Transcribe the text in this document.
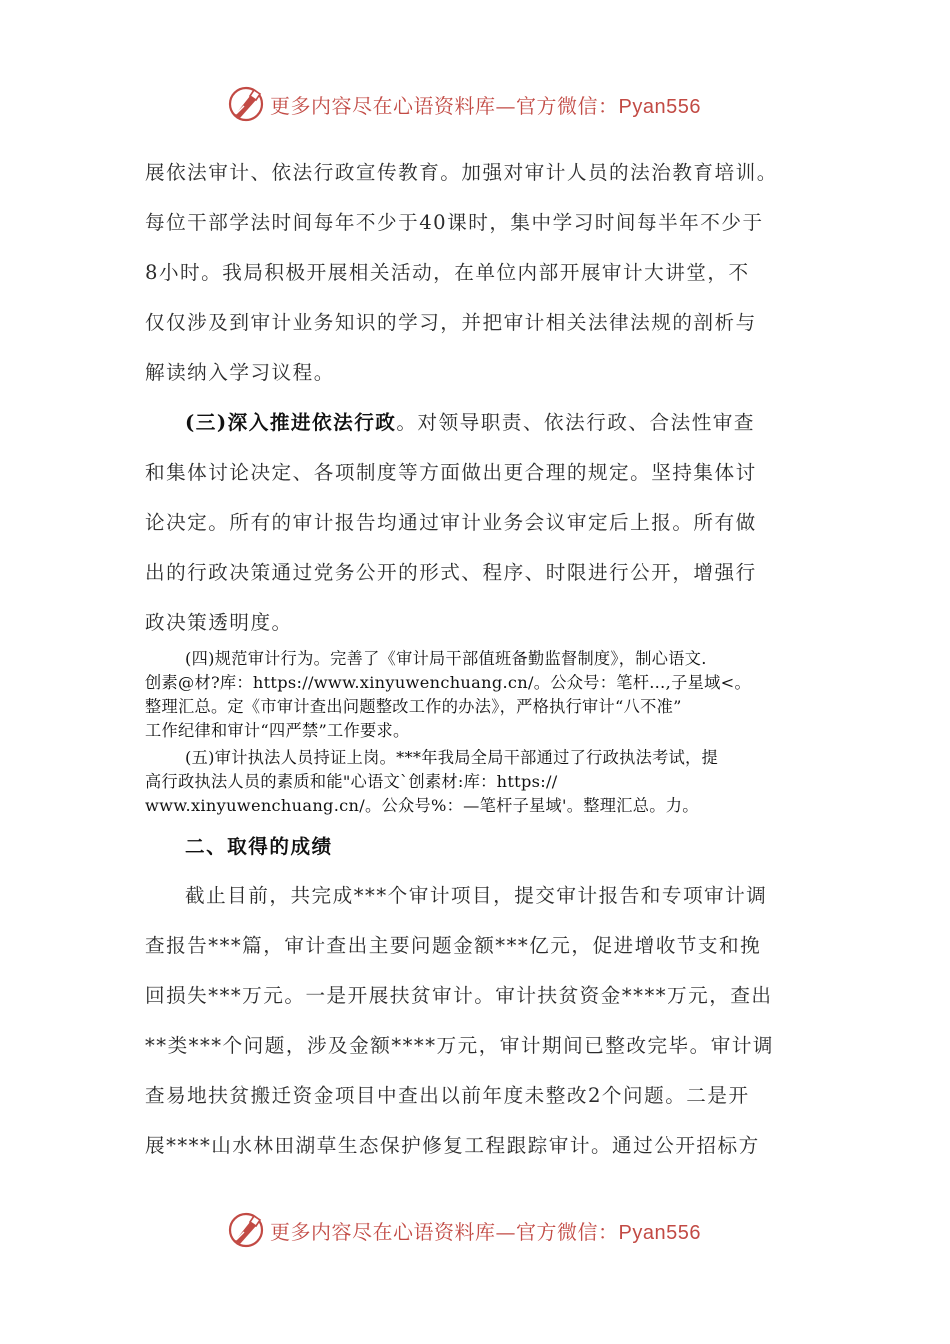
更多内容尽在心语资料库—官方微信：Pyan556
展依法审计、依法行政宣传教育。加强对审计人员的法治教育培训。
每位干部学法时间每年不少于40课时，集中学习时间每半年不少于
8小时。我局积极开展相关活动，在单位内部开展审计大讲堂，不
仅仅涉及到审计业务知识的学习，并把审计相关法律法规的剖析与
解读纳入学习议程。
(三)深入推进依法行政。对领导职责、依法行政、合法性审查
和集体讨论决定、各项制度等方面做出更合理的规定。坚持集体讨
论决定。所有的审计报告均通过审计业务会议审定后上报。所有做
出的行政决策通过党务公开的形式、程序、时限进行公开，增强行
政决策透明度。
(四)规范审计行为。完善了《审计局干部值班备勤监督制度》，制心语文.
创素@材?库：https://www.xinyuwenchuang.cn/。公众号：笔杆…,子星域<。
整理汇总。定《市审计查出问题整改工作的办法》，严格执行审计“八不准”
工作纪律和审计“四严禁”工作要求。
(五)审计执法人员持证上岗。***年我局全局干部通过了行政执法考试，提
高行政执法人员的素质和能"心语文`创素材:库：https://
www.xinyuwenchuang.cn/。公众号%：—笔杆子星域'。整理汇总。力。
二、取得的成绩
截止目前，共完成***个审计项目，提交审计报告和专项审计调
查报告***篇，审计查出主要问题金额***亿元，促进增收节支和挽
回损失***万元。一是开展扶贫审计。审计扶贫资金****万元，查出
**类***个问题，涉及金额****万元，审计期间已整改完毕。审计调
查易地扶贫搬迁资金项目中查出以前年度未整改2个问题。二是开
展****山水林田湖草生态保护修复工程跟踪审计。通过公开招标方
更多内容尽在心语资料库—官方微信：Pyan556
